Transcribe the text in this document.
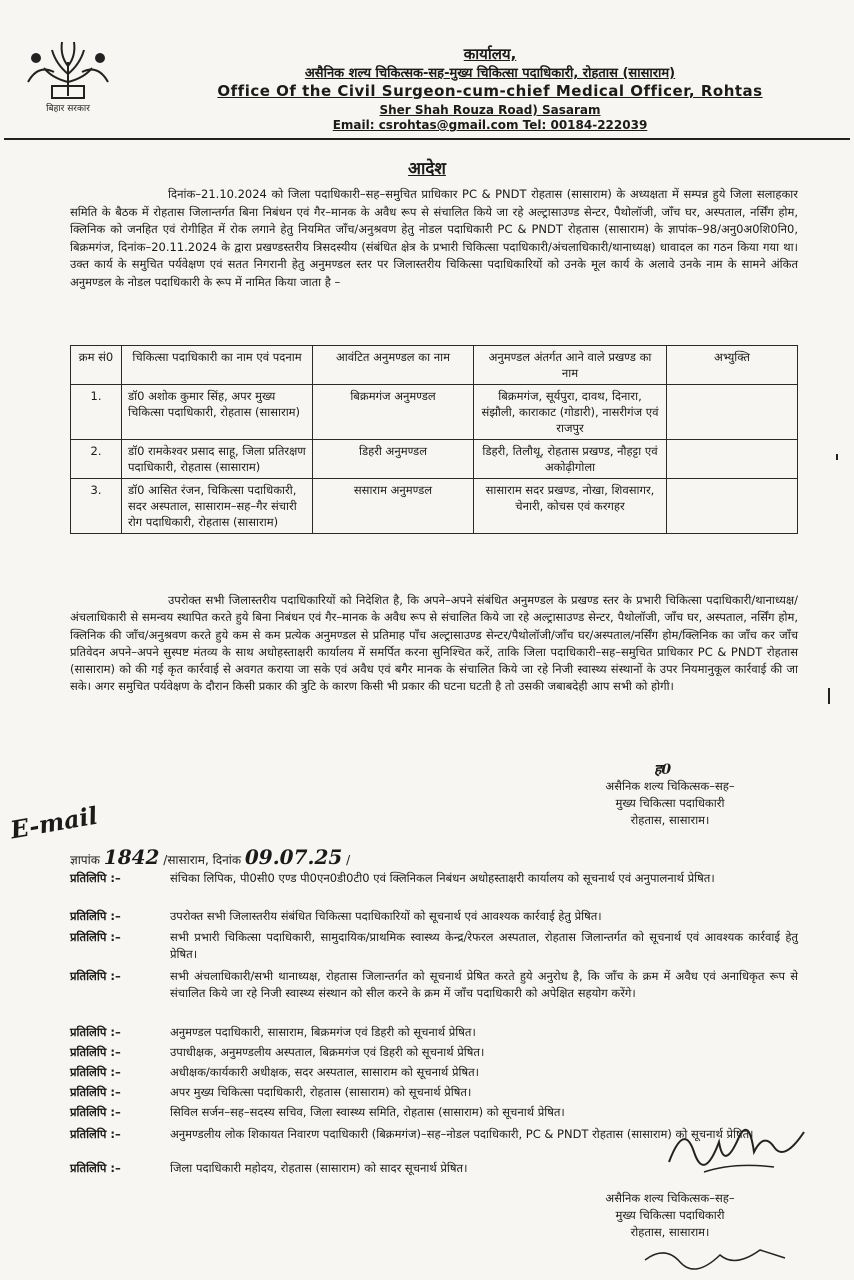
बिहार सरकार
कार्यालय,
असैनिक शल्य चिकित्सक-सह-मुख्य चिकित्सा पदाधिकारी, रोहतास (सासाराम)
Office Of the Civil Surgeon-cum-chief Medical Officer, Rohtas
Sher Shah Rouza Road) Sasaram
Email: csrohtas@gmail.com Tel: 00184-222039
आदेश
दिनांक–21.10.2024 को जिला पदाधिकारी–सह–समुचित प्राधिकार PC & PNDT रोहतास (सासाराम) के अध्यक्षता में सम्पन्न हुये जिला सलाहकार समिति के बैठक में रोहतास जिलान्तर्गत बिना निबंधन एवं गैर–मानक के अवैध रूप से संचालित किये जा रहे अल्ट्रासाउण्ड सेन्टर, पैथोलॉजी, जाँच घर, अस्पताल, नर्सिंग होम, क्लिनिक को जनहित एवं रोगीहित में रोक लगाने हेतु नियमित जाँच/अनुश्रवण हेतु नोडल पदाधिकारी PC & PNDT रोहतास (सासाराम) के ज्ञापांक–98/अनु0अ0शि0नि0, बिक्रमगंज, दिनांक–20.11.2024 के द्वारा प्रखण्डस्तरीय त्रिसदस्यीय (संबंधित क्षेत्र के प्रभारी चिकित्सा पदाधिकारी/अंचलाधिकारी/थानाध्यक्ष) धावादल का गठन किया गया था। उक्त कार्य के समुचित पर्यवेक्षण एवं सतत निगरानी हेतु अनुमण्डल स्तर पर जिलास्तरीय चिकित्सा पदाधिकारियों को उनके मूल कार्य के अलावे उनके नाम के सामने अंकित अनुमण्डल के नोडल पदाधिकारी के रूप में नामित किया जाता है –
क्रम सं0	चिकित्सा पदाधिकारी का नाम एवं पदनाम	आवंटित अनुमण्डल का नाम	अनुमण्डल अंतर्गत आने वाले प्रखण्ड का नाम	अभ्युक्ति
1.	डॉ0 अशोक कुमार सिंह, अपर मुख्य चिकित्सा पदाधिकारी, रोहतास (सासाराम)	बिक्रमगंज अनुमण्डल	बिक्रमगंज, सूर्यपुरा, दावथ, दिनारा, संझौली, काराकाट (गोडारी), नासरीगंज एवं राजपुर	
2.	डॉ0 रामकेश्वर प्रसाद साहू, जिला प्रतिरक्षण पदाधिकारी, रोहतास (सासाराम)	डिहरी अनुमण्डल	डिहरी, तिलौथू, रोहतास प्रखण्ड, नौहट्टा एवं अकोढ़ीगोला	
3.	डॉ0 आसित रंजन, चिकित्सा पदाधिकारी, सदर अस्पताल, सासाराम–सह–गैर संचारी रोग पदाधिकारी, रोहतास (सासाराम)	ससाराम अनुमण्डल	सासाराम सदर प्रखण्ड, नोखा, शिवसागर, चेनारी, कोचस एवं करगहर	
उपरोक्त सभी जिलास्तरीय पदाधिकारियों को निदेशित है, कि अपने–अपने संबंधित अनुमण्डल के प्रखण्ड स्तर के प्रभारी चिकित्सा पदाधिकारी/थानाध्यक्ष/अंचलाधिकारी से समन्वय स्थापित करते हुये बिना निबंधन एवं गैर–मानक के अवैध रूप से संचालित किये जा रहे अल्ट्रासाउण्ड सेन्टर, पैथोलॉजी, जाँच घर, अस्पताल, नर्सिंग होम, क्लिनिक की जाँच/अनुश्रवण करते हुये कम से कम प्रत्येक अनुमण्डल से प्रतिमाह पाँच अल्ट्रासाउण्ड सेन्टर/पैथोलॉजी/जाँच घर/अस्पताल/नर्सिंग होम/क्लिनिक का जाँच कर जाँच प्रतिवेदन अपने–अपने सुस्पष्ट मंतव्य के साथ अधोहस्ताक्षरी कार्यालय में समर्पित करना सुनिश्चित करें, ताकि जिला पदाधिकारी–सह–समुचित प्राधिकार PC & PNDT रोहतास (सासाराम) को की गई कृत कार्रवाई से अवगत कराया जा सके एवं अवैध एवं बगैर मानक के संचालित किये जा रहे निजी स्वास्थ्य संस्थानों के उपर नियमानुकूल कार्रवाई की जा सके। अगर समुचित पर्यवेक्षण के दौरान किसी प्रकार की त्रुटि के कारण किसी भी प्रकार की घटना घटती है तो उसकी जबाबदेही आप सभी को होगी।
ह0
असैनिक शल्य चिकित्सक–सह–
मुख्य चिकित्सा पदाधिकारी
रोहतास, सासाराम।
E-mail
ज्ञापांक 1842 /सासाराम, दिनांक 09.07.25 /
प्रतिलिपि :–	संचिका लिपिक, पी0सी0 एण्ड पी0एन0डी0टी0 एवं क्लिनिकल निबंधन अधोहस्ताक्षरी कार्यालय को सूचनार्थ एवं अनुपालनार्थ प्रेषित।
प्रतिलिपि :–	उपरोक्त सभी जिलास्तरीय संबंधित चिकित्सा पदाधिकारियों को सूचनार्थ एवं आवश्यक कार्रवाई हेतु प्रेषित।
प्रतिलिपि :–	सभी प्रभारी चिकित्सा पदाधिकारी, सामुदायिक/प्राथमिक स्वास्थ्य केन्द्र/रेफरल अस्पताल, रोहतास जिलान्तर्गत को सूचनार्थ एवं आवश्यक कार्रवाई हेतु प्रेषित।
प्रतिलिपि :–	सभी अंचलाधिकारी/सभी थानाध्यक्ष, रोहतास जिलान्तर्गत को सूचनार्थ प्रेषित करते हुये अनुरोध है, कि जाँच के क्रम में अवैध एवं अनाधिकृत रूप से संचालित किये जा रहे निजी स्वास्थ्य संस्थान को सील करने के क्रम में जाँच पदाधिकारी को अपेक्षित सहयोग करेंगे।
प्रतिलिपि :–	अनुमण्डल पदाधिकारी, सासाराम, बिक्रमगंज एवं डिहरी को सूचनार्थ प्रेषित।
प्रतिलिपि :–	उपाधीक्षक, अनुमण्डलीय अस्पताल, बिक्रमगंज एवं डिहरी को सूचनार्थ प्रेषित।
प्रतिलिपि :–	अधीक्षक/कार्यकारी अधीक्षक, सदर अस्पताल, सासाराम को सूचनार्थ प्रेषित।
प्रतिलिपि :–	अपर मुख्य चिकित्सा पदाधिकारी, रोहतास (सासाराम) को सूचनार्थ प्रेषित।
प्रतिलिपि :–	सिविल सर्जन–सह–सदस्य सचिव, जिला स्वास्थ्य समिति, रोहतास (सासाराम) को सूचनार्थ प्रेषित।
प्रतिलिपि :–	अनुमण्डलीय लोक शिकायत निवारण पदाधिकारी (बिक्रमगंज)–सह–नोडल पदाधिकारी, PC & PNDT रोहतास (सासाराम) को सूचनार्थ प्रेषित।
प्रतिलिपि :–	जिला पदाधिकारी महोदय, रोहतास (सासाराम) को सादर सूचनार्थ प्रेषित।
असैनिक शल्य चिकित्सक–सह–
मुख्य चिकित्सा पदाधिकारी
रोहतास, सासाराम।
